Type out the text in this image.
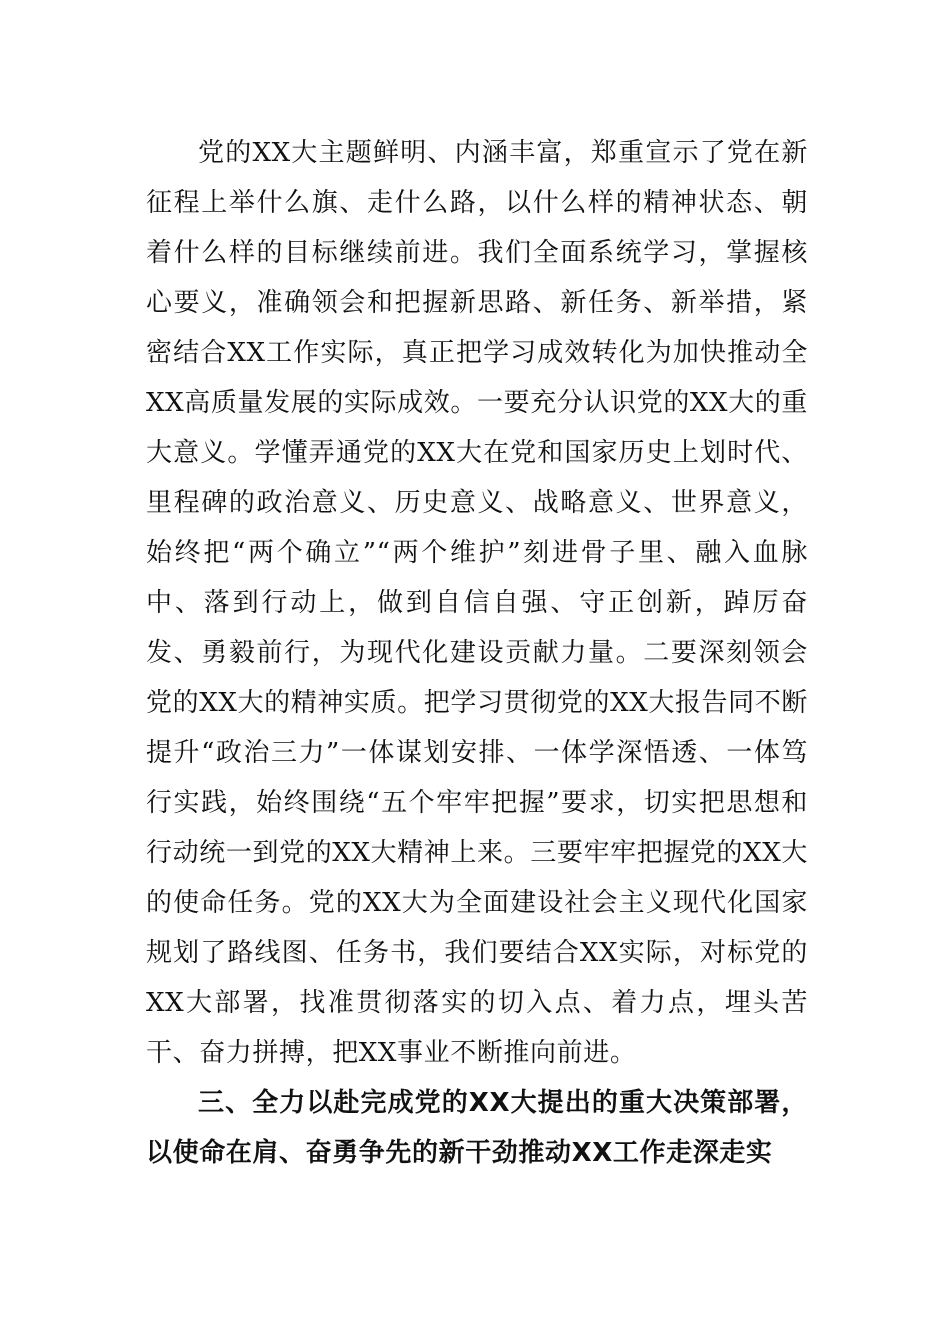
党的XX大主题鲜明、内涵丰富，郑重宣示了党在新征程上举什么旗、走什么路，以什么样的精神状态、朝着什么样的目标继续前进。我们全面系统学习，掌握核心要义，准确领会和把握新思路、新任务、新举措，紧密结合XX工作实际，真正把学习成效转化为加快推动全XX高质量发展的实际成效。一要充分认识党的XX大的重大意义。学懂弄通党的XX大在党和国家历史上划时代、里程碑的政治意义、历史意义、战略意义、世界意义，始终把“两个确立”“两个维护”刻进骨子里、融入血脉中、落到行动上，做到自信自强、守正创新，踔厉奋发、勇毅前行，为现代化建设贡献力量。二要深刻领会党的XX大的精神实质。把学习贯彻党的XX大报告同不断提升“政治三力”一体谋划安排、一体学深悟透、一体笃行实践，始终围绕“五个牢牢把握”要求，切实把思想和行动统一到党的XX大精神上来。三要牢牢把握党的XX大的使命任务。党的XX大为全面建设社会主义现代化国家规划了路线图、任务书，我们要结合XX实际，对标党的XX大部署，找准贯彻落实的切入点、着力点，埋头苦干、奋力拼搏，把XX事业不断推向前进。

三、全力以赴完成党的XX大提出的重大决策部署，以使命在肩、奋勇争先的新干劲推动XX工作走深走实
